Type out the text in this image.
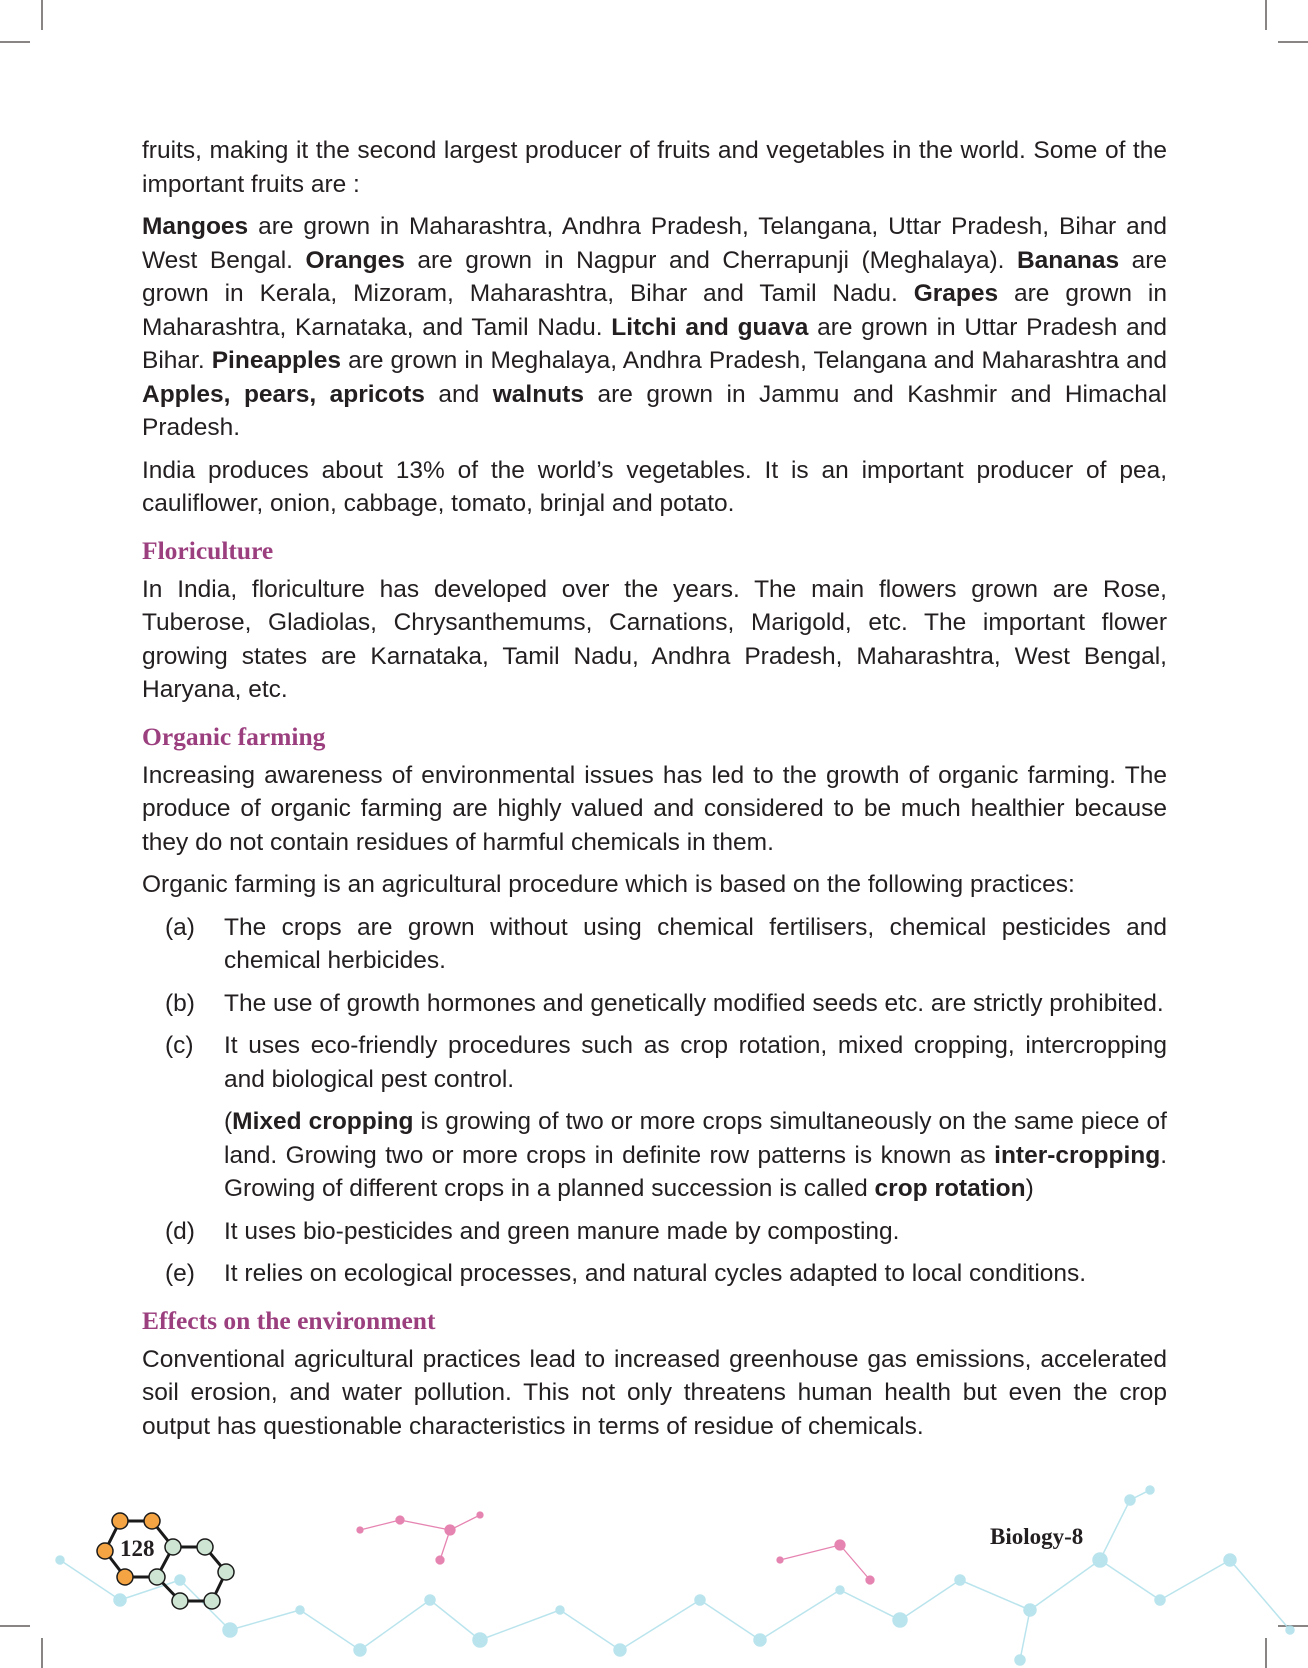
128	Biology-8

fruits, making it the second largest producer of fruits and vegetables in the world. Some of the important fruits are :

Mangoes are grown in Maharashtra, Andhra Pradesh, Telangana, Uttar Pradesh, Bihar and West Bengal. Oranges are grown in Nagpur and Cherrapunji (Meghalaya). Bananas are grown in Kerala, Mizoram, Maharashtra, Bihar and Tamil Nadu. Grapes are grown in Maharashtra, Karnataka, and Tamil Nadu. Litchi and guava are grown in Uttar Pradesh and Bihar. Pineapples are grown in Meghalaya, Andhra Pradesh, Telangana and Maharashtra and Apples, pears, apricots and walnuts are grown in Jammu and Kashmir and Himachal Pradesh.

India produces about 13% of the world’s vegetables. It is an important producer of pea, cauliflower, onion, cabbage, tomato, brinjal and potato.

Floriculture

In India, floriculture has developed over the years. The main flowers grown are Rose, Tuberose, Gladiolas, Chrysanthemums, Carnations, Marigold, etc. The important flower growing states are Karnataka, Tamil Nadu, Andhra Pradesh, Maharashtra, West Bengal, Haryana, etc.

Organic farming

Increasing awareness of environmental issues has led to the growth of organic farming. The produce of organic farming are highly valued and considered to be much healthier because they do not contain residues of harmful chemicals in them.

Organic farming is an agricultural procedure which is based on the following practices:

(a) The crops are grown without using chemical fertilisers, chemical pesticides and chemical herbicides.
(b) The use of growth hormones and genetically modified seeds etc. are strictly prohibited.
(c) It uses eco-friendly procedures such as crop rotation, mixed cropping, intercropping and biological pest control.
(Mixed cropping is growing of two or more crops simultaneously on the same piece of land. Growing two or more crops in definite row patterns is known as inter-cropping. Growing of different crops in a planned succession is called crop rotation)
(d) It uses bio-pesticides and green manure made by composting.
(e) It relies on ecological processes, and natural cycles adapted to local conditions.
Effects on the environment

Conventional agricultural practices lead to increased greenhouse gas emissions, accelerated soil erosion, and water pollution. This not only threatens human health but even the crop output has questionable characteristics in terms of residue of chemicals.
